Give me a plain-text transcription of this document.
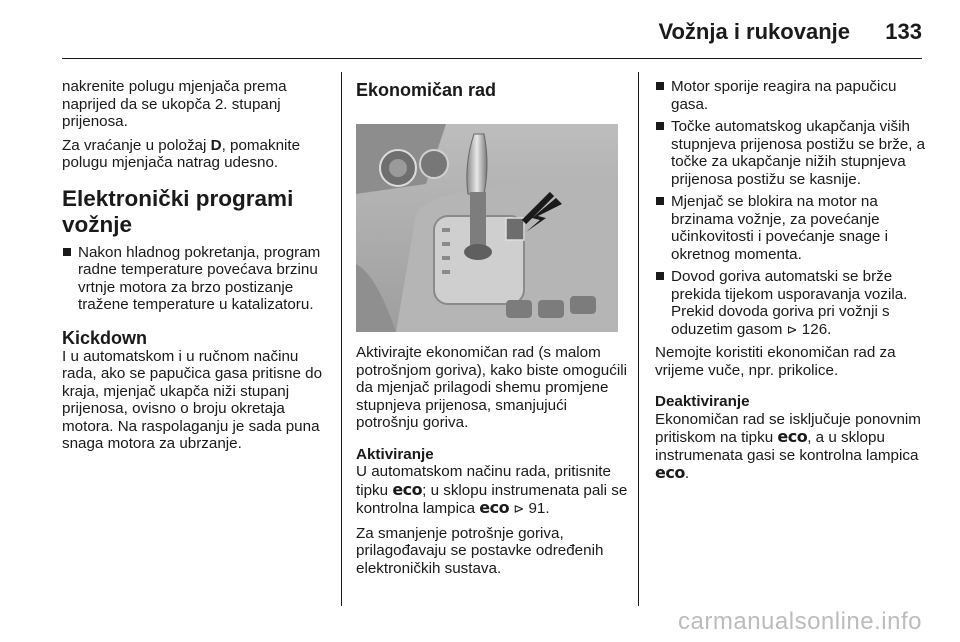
Vožnja i rukovanje 133

nakrenite polugu mjenjača prema naprijed da se ukopča 2. stupanj prijenosa.

Za vraćanje u položaj D, pomaknite polugu mjenjača natrag udesno.

Elektronički programi vožnje
Nakon hladnog pokretanja, program radne temperature povećava brzinu vrtnje motora za brzo postizanje tražene temperature u katalizatoru.
Kickdown

I u automatskom i u ručnom načinu rada, ako se papučica gasa pritisne do kraja, mjenjač ukapča niži stupanj prijenosa, ovisno o broju okretaja motora. Na raspolaganju je sada puna snaga motora za ubrzanje.

Ekonomičan rad

Aktivirajte ekonomičan rad (s malom potrošnjom goriva), kako biste omogućili da mjenjač prilagodi shemu promjene stupnjeva prijenosa, smanjujući potrošnju goriva.

Aktiviranje

U automatskom načinu rada, pritisnite tipku eco; u sklopu instrumenata pali se kontrolna lampica eco ⊳ 91.

Za smanjenje potrošnje goriva, prilagođavaju se postavke određenih elektroničkih sustava.

Motor sporije reagira na papučicu gasa.
Točke automatskog ukapčanja viših stupnjeva prijenosa postižu se brže, a točke za ukapčanje nižih stupnjeva prijenosa postižu se kasnije.
Mjenjač se blokira na motor na brzinama vožnje, za povećanje učinkovitosti i povećanje snage i okretnog momenta.
Dovod goriva automatski se brže prekida tijekom usporavanja vozila. Prekid dovoda goriva pri vožnji s oduzetim gasom ⊳ 126.

Nemojte koristiti ekonomičan rad za vrijeme vuče, npr. prikolice.

Deaktiviranje

Ekonomičan rad se isključuje ponovnim pritiskom na tipku eco, a u sklopu instrumenata gasi se kontrolna lampica eco.

carmanualsonline.info
